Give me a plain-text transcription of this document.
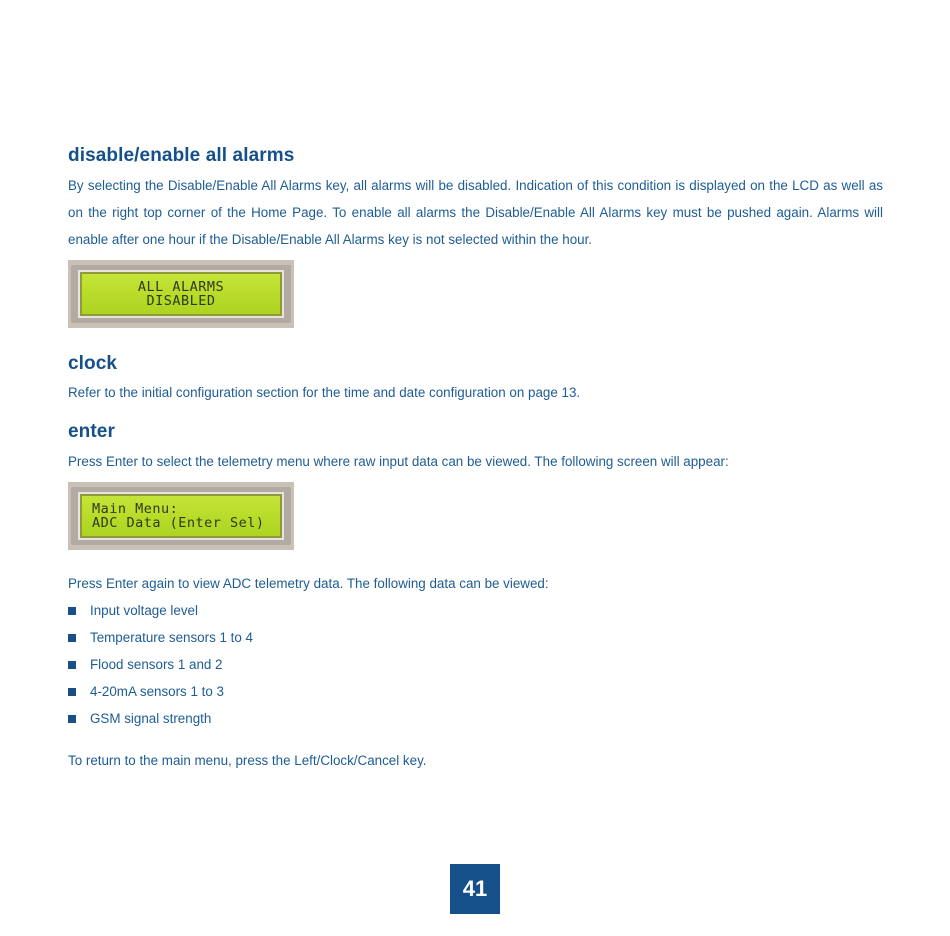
disable/enable all alarms

By selecting the Disable/Enable All Alarms key, all alarms will be disabled. Indication of this condition is displayed on the LCD as well as on the right top corner of the Home Page. To enable all alarms the Disable/Enable All Alarms key must be pushed again. Alarms will enable after one hour if the Disable/Enable All Alarms key is not selected within the hour.

ALL ALARMS
DISABLED
clock

Refer to the initial configuration section for the time and date configuration on page 13.

enter

Press Enter to select the telemetry menu where raw input data can be viewed. The following screen will appear:

Main Menu:
ADC Data (Enter Sel)

Press Enter again to view ADC telemetry data. The following data can be viewed:

Input voltage level
Temperature sensors 1 to 4
Flood sensors 1 and 2
4-20mA sensors 1 to 3
GSM signal strength

To return to the main menu, press the Left/Clock/Cancel key.

41
